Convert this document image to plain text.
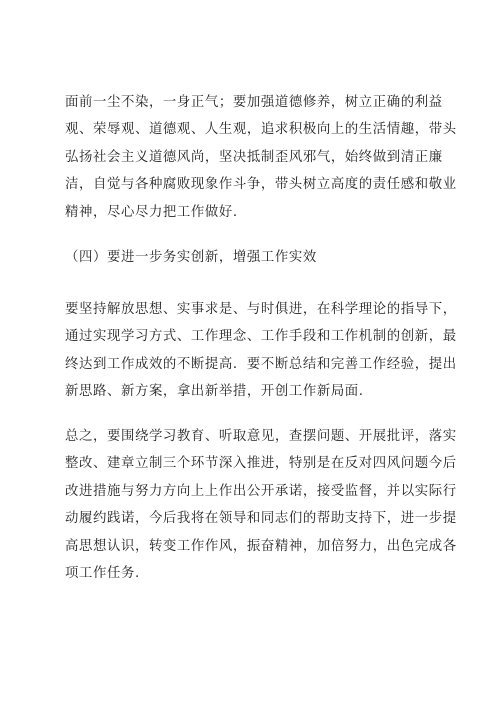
面前一尘不染，一身正气；要加强道德修养，树立正确的利益
观、荣辱观、道德观、人生观，追求积极向上的生活情趣，带头
弘扬社会主义道德风尚，坚决抵制歪风邪气，始终做到清正廉
洁，自觉与各种腐败现象作斗争，带头树立高度的责任感和敬业
精神，尽心尽力把工作做好.
（四）要进一步务实创新，增强工作实效
要坚持解放思想、实事求是、与时俱进，在科学理论的指导下，
通过实现学习方式、工作理念、工作手段和工作机制的创新，最
终达到工作成效的不断提高．要不断总结和完善工作经验，提出
新思路、新方案，拿出新举措，开创工作新局面.
总之，要围绕学习教育、听取意见，查摆问题、开展批评，落实
整改、建章立制三个环节深入推进，特别是在反对四风问题今后
改进措施与努力方向上上作出公开承诺，接受监督，并以实际行
动履约践诺，今后我将在领导和同志们的帮助支持下，进一步提
高思想认识，转变工作作风，振奋精神，加倍努力，出色完成各
项工作任务.
